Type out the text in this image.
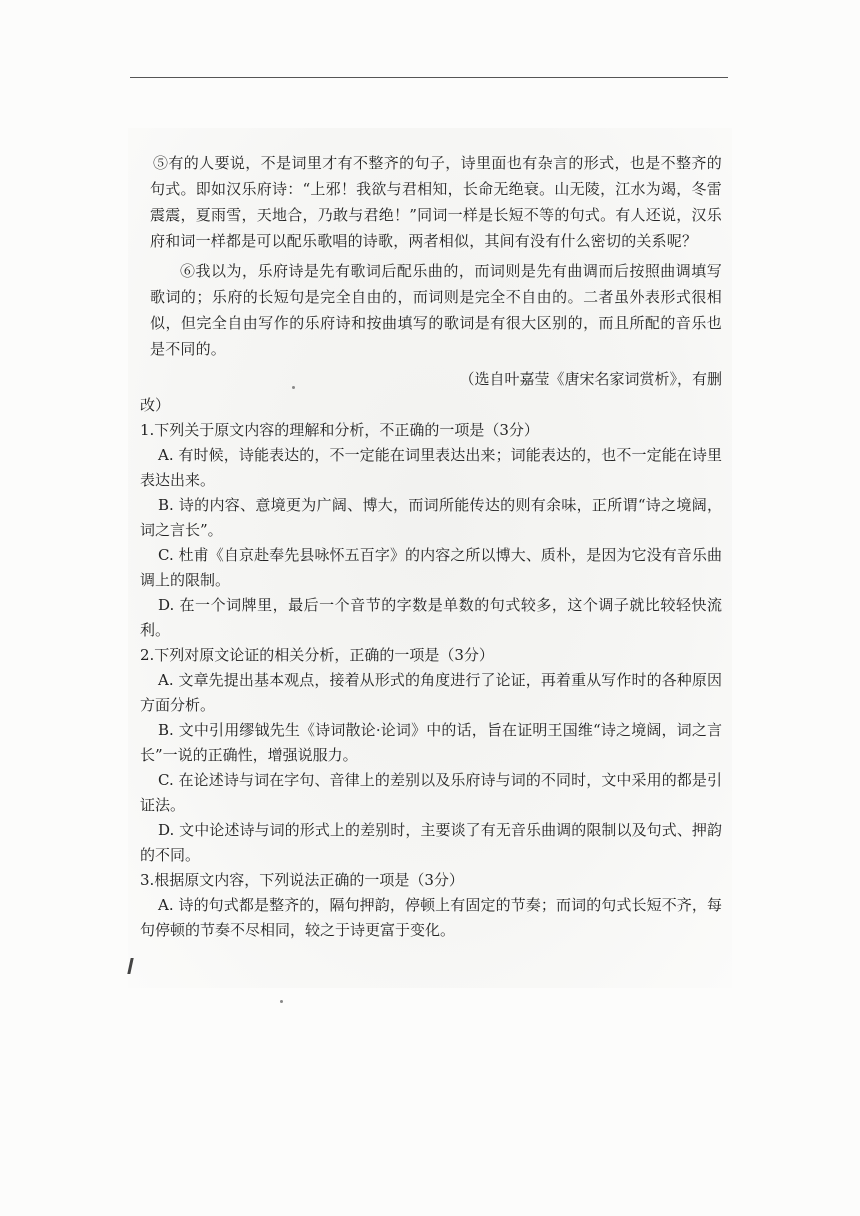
⑤有的人要说，不是词里才有不整齐的句子，诗里面也有杂言的形式，也是不整齐的句式。即如汉乐府诗：“上邪！我欲与君相知，长命无绝衰。山无陵，江水为竭，冬雷震震，夏雨雪，天地合，乃敢与君绝！”同词一样是长短不等的句式。有人还说，汉乐府和词一样都是可以配乐歌唱的诗歌，两者相似，其间有没有什么密切的关系呢？

⑥我以为，乐府诗是先有歌词后配乐曲的，而词则是先有曲调而后按照曲调填写歌词的；乐府的长短句是完全自由的，而词则是完全不自由的。二者虽外表形式很相似，但完全自由写作的乐府诗和按曲填写的歌词是有很大区别的，而且所配的音乐也是不同的。

（选自叶嘉莹《唐宋名家词赏析》，有删

改）

1.下列关于原文内容的理解和分析，不正确的一项是（3分）

A. 有时候，诗能表达的，不一定能在词里表达出来；词能表达的，也不一定能在诗里表达出来。

B. 诗的内容、意境更为广阔、博大，而词所能传达的则有余味，正所谓“诗之境阔，词之言长”。

C. 杜甫《自京赴奉先县咏怀五百字》的内容之所以博大、质朴，是因为它没有音乐曲调上的限制。

D. 在一个词牌里，最后一个音节的字数是单数的句式较多，这个调子就比较轻快流利。

2.下列对原文论证的相关分析，正确的一项是（3分）

A. 文章先提出基本观点，接着从形式的角度进行了论证，再着重从写作时的各种原因方面分析。

B. 文中引用缪钺先生《诗词散论·论词》中的话，旨在证明王国维“诗之境阔，词之言长”一说的正确性，增强说服力。

C. 在论述诗与词在字句、音律上的差别以及乐府诗与词的不同时，文中采用的都是引证法。

D. 文中论述诗与词的形式上的差别时，主要谈了有无音乐曲调的限制以及句式、押韵的不同。

3.根据原文内容，下列说法正确的一项是（3分）

A. 诗的句式都是整齐的，隔句押韵，停顿上有固定的节奏；而词的句式长短不齐，每句停顿的节奏不尽相同，较之于诗更富于变化。
